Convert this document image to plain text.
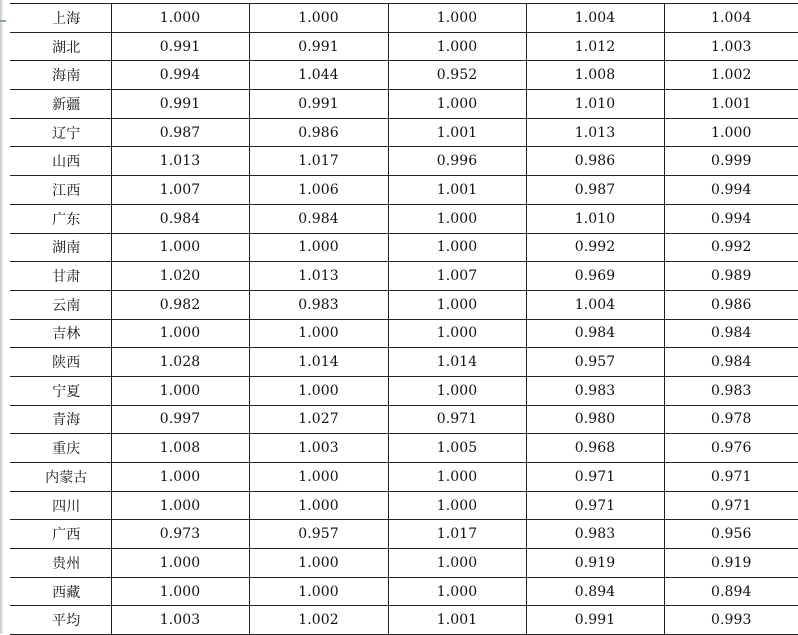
上海	1.000	1.000	1.000	1.004	1.004
湖北	0.991	0.991	1.000	1.012	1.003
海南	0.994	1.044	0.952	1.008	1.002
新疆	0.991	0.991	1.000	1.010	1.001
辽宁	0.987	0.986	1.001	1.013	1.000
山西	1.013	1.017	0.996	0.986	0.999
江西	1.007	1.006	1.001	0.987	0.994
广东	0.984	0.984	1.000	1.010	0.994
湖南	1.000	1.000	1.000	0.992	0.992
甘肃	1.020	1.013	1.007	0.969	0.989
云南	0.982	0.983	1.000	1.004	0.986
吉林	1.000	1.000	1.000	0.984	0.984
陕西	1.028	1.014	1.014	0.957	0.984
宁夏	1.000	1.000	1.000	0.983	0.983
青海	0.997	1.027	0.971	0.980	0.978
重庆	1.008	1.003	1.005	0.968	0.976
内蒙古	1.000	1.000	1.000	0.971	0.971
四川	1.000	1.000	1.000	0.971	0.971
广西	0.973	0.957	1.017	0.983	0.956
贵州	1.000	1.000	1.000	0.919	0.919
西藏	1.000	1.000	1.000	0.894	0.894
平均	1.003	1.002	1.001	0.991	0.993
